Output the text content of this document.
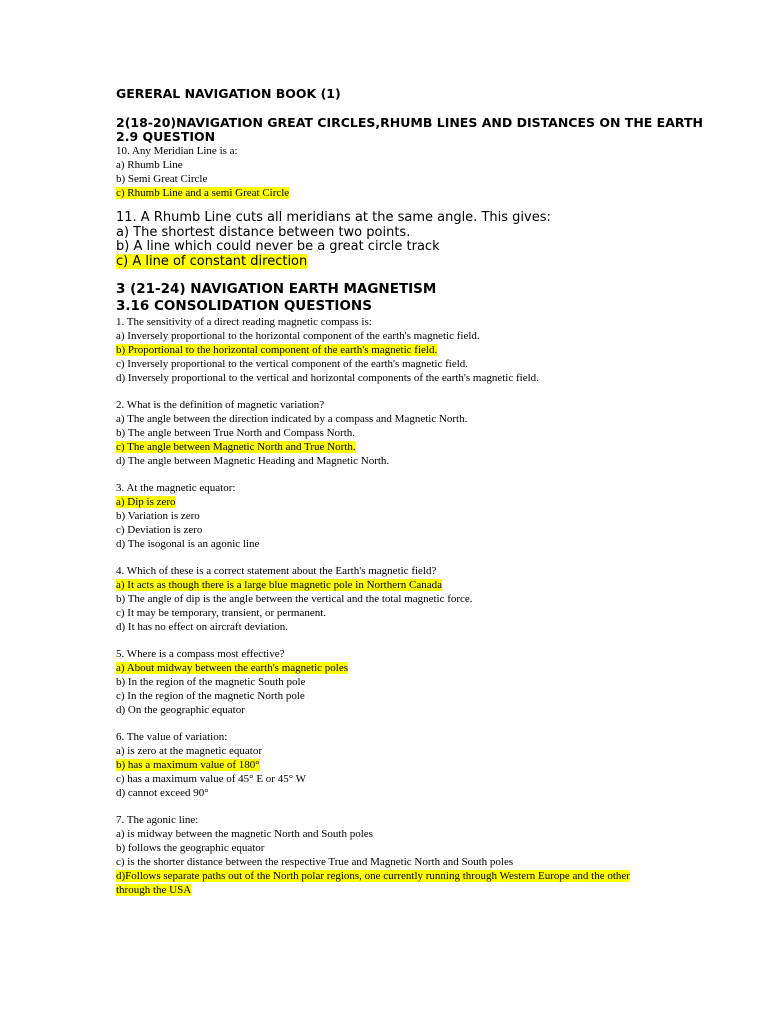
GERERAL NAVIGATION BOOK (1)
2(18-20)NAVIGATION GREAT CIRCLES,RHUMB LINES AND DISTANCES ON THE EARTH
2.9 QUESTION
10. Any Meridian Line is a:
a) Rhumb Line
b) Semi Great Circle
c) Rhumb Line and a semi Great Circle
11. A Rhumb Line cuts all meridians at the same angle. This gives:
a) The shortest distance between two points.
b) A line which could never be a great circle track
c) A line of constant direction
3 (21-24) NAVIGATION EARTH MAGNETISM
3.16 CONSOLIDATION QUESTIONS
1. The sensitivity of a direct reading magnetic compass is:
a) Inversely proportional to the horizontal component of the earth's magnetic field.
b) Proportional to the horizontal component of the earth's magnetic field.
c) Inversely proportional to the vertical component of the earth's magnetic field.
d) Inversely proportional to the vertical and horizontal components of the earth's magnetic field.
2. What is the definition of magnetic variation?
a) The angle between the direction indicated by a compass and Magnetic North.
b) The angle between True North and Compass North.
c) The angle between Magnetic North and True North.
d) The angle between Magnetic Heading and Magnetic North.
3. At the magnetic equator:
a) Dip is zero
b) Variation is zero
c) Deviation is zero
d) The isogonal is an agonic line
4. Which of these is a correct statement about the Earth's magnetic field?
a) It acts as though there is a large blue magnetic pole in Northern Canada
b) The angle of dip is the angle between the vertical and the total magnetic force.
c) It may be temporary, transient, or permanent.
d) It has no effect on aircraft deviation.
5. Where is a compass most effective?
a) About midway between the earth's magnetic poles
b) In the region of the magnetic South pole
c) In the region of the magnetic North pole
d) On the geographic equator
6. The value of variation:
a) is zero at the magnetic equator
b) has a maximum value of 180°
c) has a maximum value of 45° E or 45° W
d) cannot exceed 90°
7. The agonic line:
a) is midway between the magnetic North and South poles
b) follows the geographic equator
c) is the shorter distance between the respective True and Magnetic North and South poles
d)Follows separate paths out of the North polar regions, one currently running through Western Europe and the other through the USA
